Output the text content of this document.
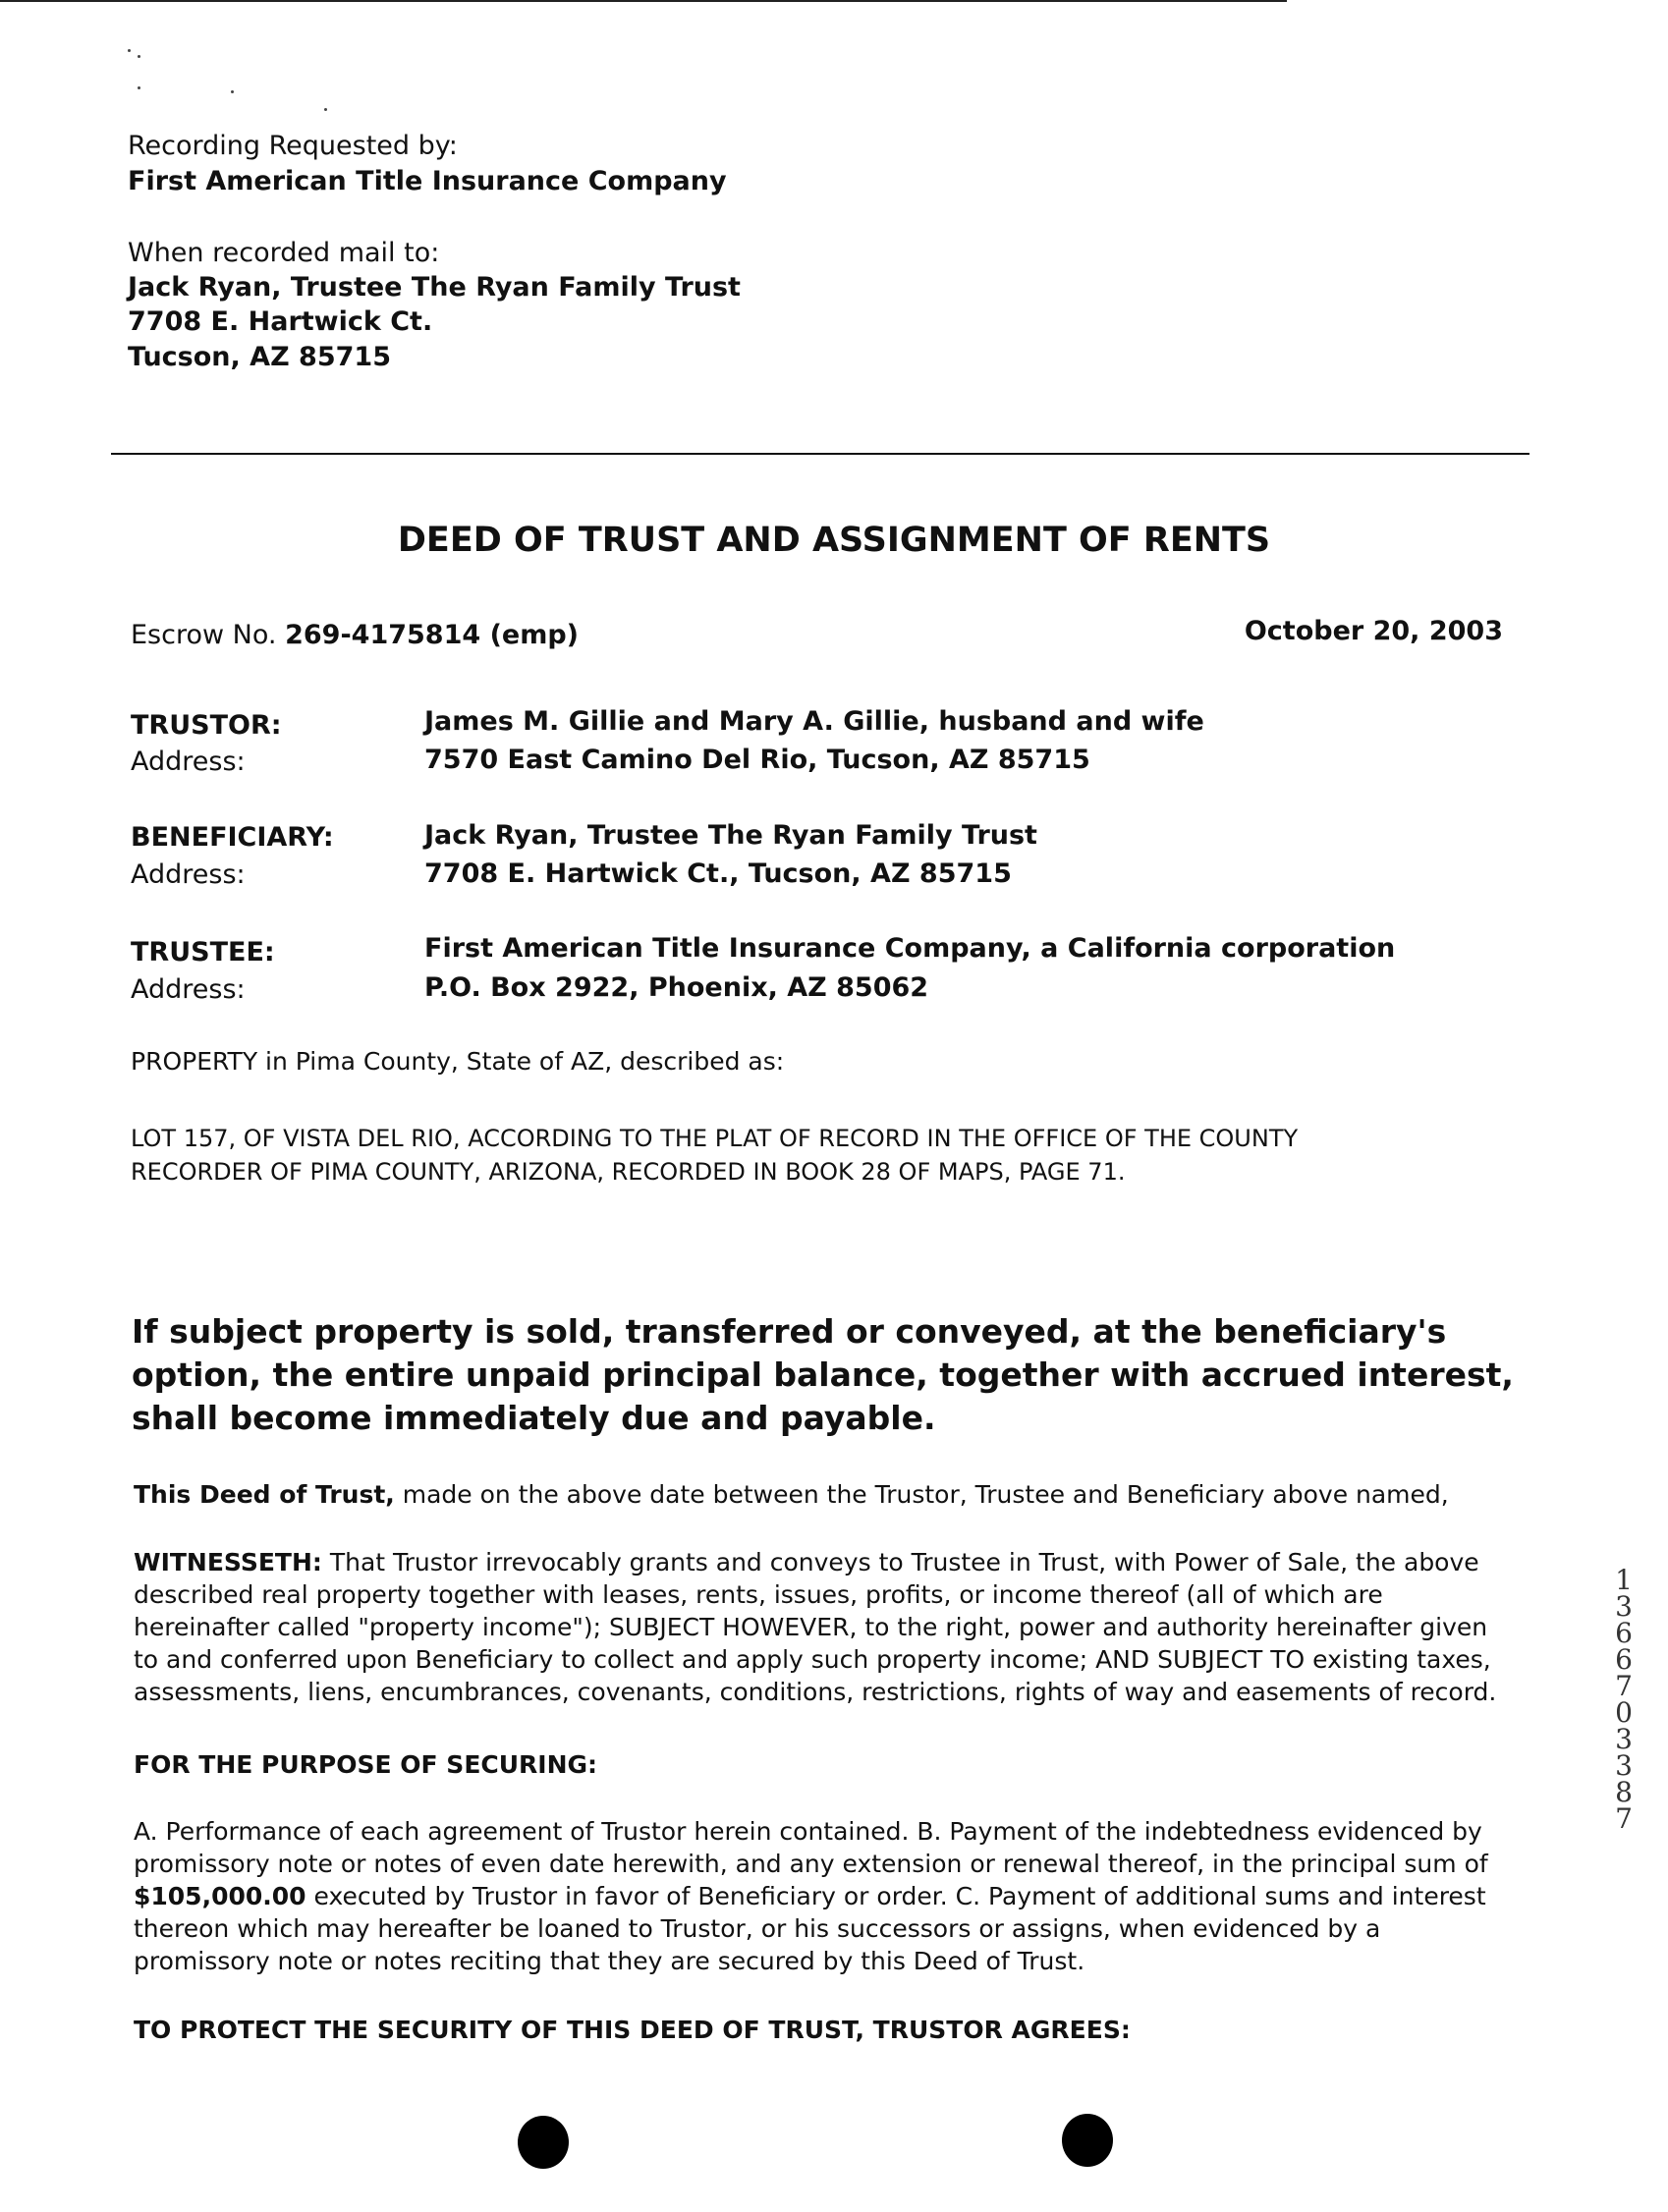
Recording Requested by:
First American Title Insurance Company
When recorded mail to:
Jack Ryan, Trustee The Ryan Family Trust
7708 E. Hartwick Ct.
Tucson, AZ 85715
DEED OF TRUST AND ASSIGNMENT OF RENTS
Escrow No. 269-4175814 (emp)	October 20, 2003
TRUSTOR:	James M. Gillie and Mary A. Gillie, husband and wife
Address:	7570 East Camino Del Rio, Tucson, AZ 85715
BENEFICIARY:	Jack Ryan, Trustee The Ryan Family Trust
Address:	7708 E. Hartwick Ct., Tucson, AZ 85715
TRUSTEE:	First American Title Insurance Company, a California corporation
Address:	P.O. Box 2922, Phoenix, AZ 85062
PROPERTY in Pima County, State of AZ, described as:
LOT 157, OF VISTA DEL RIO, ACCORDING TO THE PLAT OF RECORD IN THE OFFICE OF THE COUNTY
RECORDER OF PIMA COUNTY, ARIZONA, RECORDED IN BOOK 28 OF MAPS, PAGE 71.
If subject property is sold, transferred or conveyed, at the beneficiary's option, the entire unpaid principal balance, together with accrued interest, shall become immediately due and payable.
This Deed of Trust, made on the above date between the Trustor, Trustee and Beneficiary above named,
WITNESSETH: That Trustor irrevocably grants and conveys to Trustee in Trust, with Power of Sale, the above described real property together with leases, rents, issues, profits, or income thereof (all of which are hereinafter called "property income"); SUBJECT HOWEVER, to the right, power and authority hereinafter given to and conferred upon Beneficiary to collect and apply such property income; AND SUBJECT TO existing taxes, assessments, liens, encumbrances, covenants, conditions, restrictions, rights of way and easements of record.
FOR THE PURPOSE OF SECURING:
A. Performance of each agreement of Trustor herein contained. B. Payment of the indebtedness evidenced by promissory note or notes of even date herewith, and any extension or renewal thereof, in the principal sum of $105,000.00 executed by Trustor in favor of Beneficiary or order. C. Payment of additional sums and interest thereon which may hereafter be loaned to Trustor, or his successors or assigns, when evidenced by a promissory note or notes reciting that they are secured by this Deed of Trust.
TO PROTECT THE SECURITY OF THIS DEED OF TRUST, TRUSTOR AGREES:
13667 03387
